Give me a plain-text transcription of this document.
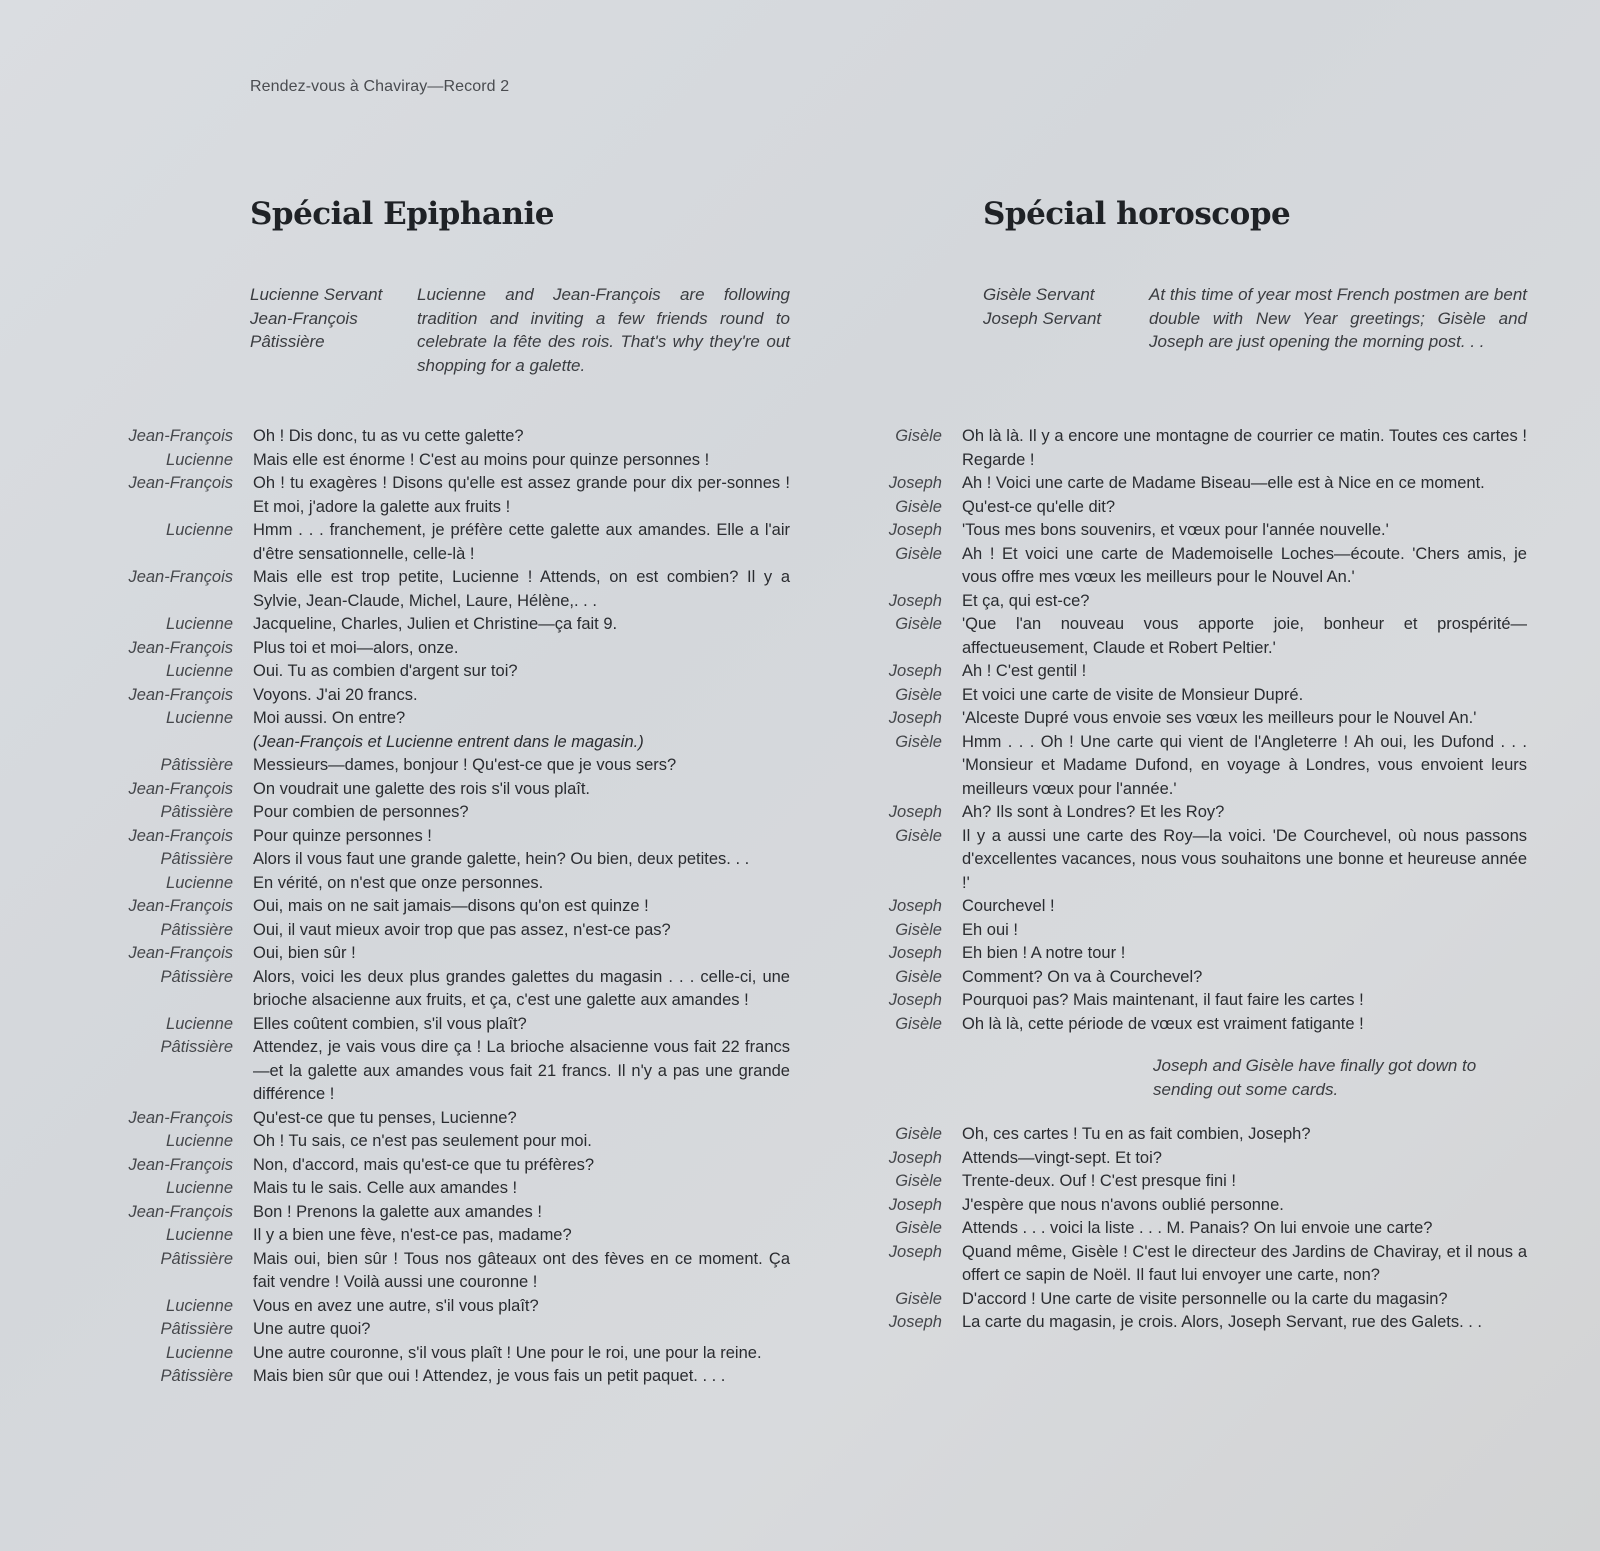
Rendez-vous à Chaviray—Record 2
Spécial Epiphanie
Lucienne Servant
Jean-François
Pâtissière
Lucienne and Jean-François are following tradition and inviting a few friends round to celebrate la fête des rois. That's why they're out shopping for a galette.
Jean-François	Oh ! Dis donc, tu as vu cette galette?
Lucienne	Mais elle est énorme ! C'est au moins pour quinze personnes !
Jean-François	Oh ! tu exagères ! Disons qu'elle est assez grande pour dix per-sonnes ! Et moi, j'adore la galette aux fruits !
Lucienne	Hmm . . . franchement, je préfère cette galette aux amandes. Elle a l'air d'être sensationnelle, celle-là !
Jean-François	Mais elle est trop petite, Lucienne ! Attends, on est combien? Il y a Sylvie, Jean-Claude, Michel, Laure, Hélène,. . .
Lucienne	Jacqueline, Charles, Julien et Christine—ça fait 9.
Jean-François	Plus toi et moi—alors, onze.
Lucienne	Oui. Tu as combien d'argent sur toi?
Jean-François	Voyons. J'ai 20 francs.
Lucienne	Moi aussi. On entre?
(Jean-François et Lucienne entrent dans le magasin.)
Pâtissière	Messieurs—dames, bonjour ! Qu'est-ce que je vous sers?
Jean-François	On voudrait une galette des rois s'il vous plaît.
Pâtissière	Pour combien de personnes?
Jean-François	Pour quinze personnes !
Pâtissière	Alors il vous faut une grande galette, hein? Ou bien, deux petites. . .
Lucienne	En vérité, on n'est que onze personnes.
Jean-François	Oui, mais on ne sait jamais—disons qu'on est quinze !
Pâtissière	Oui, il vaut mieux avoir trop que pas assez, n'est-ce pas?
Jean-François	Oui, bien sûr !
Pâtissière	Alors, voici les deux plus grandes galettes du magasin . . . celle-ci, une brioche alsacienne aux fruits, et ça, c'est une galette aux amandes !
Lucienne	Elles coûtent combien, s'il vous plaît?
Pâtissière	Attendez, je vais vous dire ça ! La brioche alsacienne vous fait 22 francs—et la galette aux amandes vous fait 21 francs. Il n'y a pas une grande différence !
Jean-François	Qu'est-ce que tu penses, Lucienne?
Lucienne	Oh ! Tu sais, ce n'est pas seulement pour moi.
Jean-François	Non, d'accord, mais qu'est-ce que tu préfères?
Lucienne	Mais tu le sais. Celle aux amandes !
Jean-François	Bon ! Prenons la galette aux amandes !
Lucienne	Il y a bien une fève, n'est-ce pas, madame?
Pâtissière	Mais oui, bien sûr ! Tous nos gâteaux ont des fèves en ce moment. Ça fait vendre ! Voilà aussi une couronne !
Lucienne	Vous en avez une autre, s'il vous plaît?
Pâtissière	Une autre quoi?
Lucienne	Une autre couronne, s'il vous plaît ! Une pour le roi, une pour la reine.
Pâtissière	Mais bien sûr que oui ! Attendez, je vous fais un petit paquet. . . .
Spécial horoscope
Gisèle Servant
Joseph Servant
At this time of year most French postmen are bent double with New Year greetings; Gisèle and Joseph are just opening the morning post. . .
Gisèle	Oh là là. Il y a encore une montagne de courrier ce matin. Toutes ces cartes ! Regarde !
Joseph	Ah ! Voici une carte de Madame Biseau—elle est à Nice en ce moment.
Gisèle	Qu'est-ce qu'elle dit?
Joseph	'Tous mes bons souvenirs, et vœux pour l'année nouvelle.'
Gisèle	Ah ! Et voici une carte de Mademoiselle Loches—écoute. 'Chers amis, je vous offre mes vœux les meilleurs pour le Nouvel An.'
Joseph	Et ça, qui est-ce?
Gisèle	'Que l'an nouveau vous apporte joie, bonheur et prospérité—affectueusement, Claude et Robert Peltier.'
Joseph	Ah ! C'est gentil !
Gisèle	Et voici une carte de visite de Monsieur Dupré.
Joseph	'Alceste Dupré vous envoie ses vœux les meilleurs pour le Nouvel An.'
Gisèle	Hmm . . . Oh ! Une carte qui vient de l'Angleterre ! Ah oui, les Dufond . . . 'Monsieur et Madame Dufond, en voyage à Londres, vous envoient leurs meilleurs vœux pour l'année.'
Joseph	Ah? Ils sont à Londres? Et les Roy?
Gisèle	Il y a aussi une carte des Roy—la voici. 'De Courchevel, où nous passons d'excellentes vacances, nous vous souhaitons une bonne et heureuse année !'
Joseph	Courchevel !
Gisèle	Eh oui !
Joseph	Eh bien ! A notre tour !
Gisèle	Comment? On va à Courchevel?
Joseph	Pourquoi pas? Mais maintenant, il faut faire les cartes !
Gisèle	Oh là là, cette période de vœux est vraiment fatigante !
Joseph and Gisèle have finally got down to sending out some cards.
Gisèle	Oh, ces cartes ! Tu en as fait combien, Joseph?
Joseph	Attends—vingt-sept. Et toi?
Gisèle	Trente-deux. Ouf ! C'est presque fini !
Joseph	J'espère que nous n'avons oublié personne.
Gisèle	Attends . . . voici la liste . . . M. Panais? On lui envoie une carte?
Joseph	Quand même, Gisèle ! C'est le directeur des Jardins de Chaviray, et il nous a offert ce sapin de Noël. Il faut lui envoyer une carte, non?
Gisèle	D'accord ! Une carte de visite personnelle ou la carte du magasin?
Joseph	La carte du magasin, je crois. Alors, Joseph Servant, rue des Galets. . .
